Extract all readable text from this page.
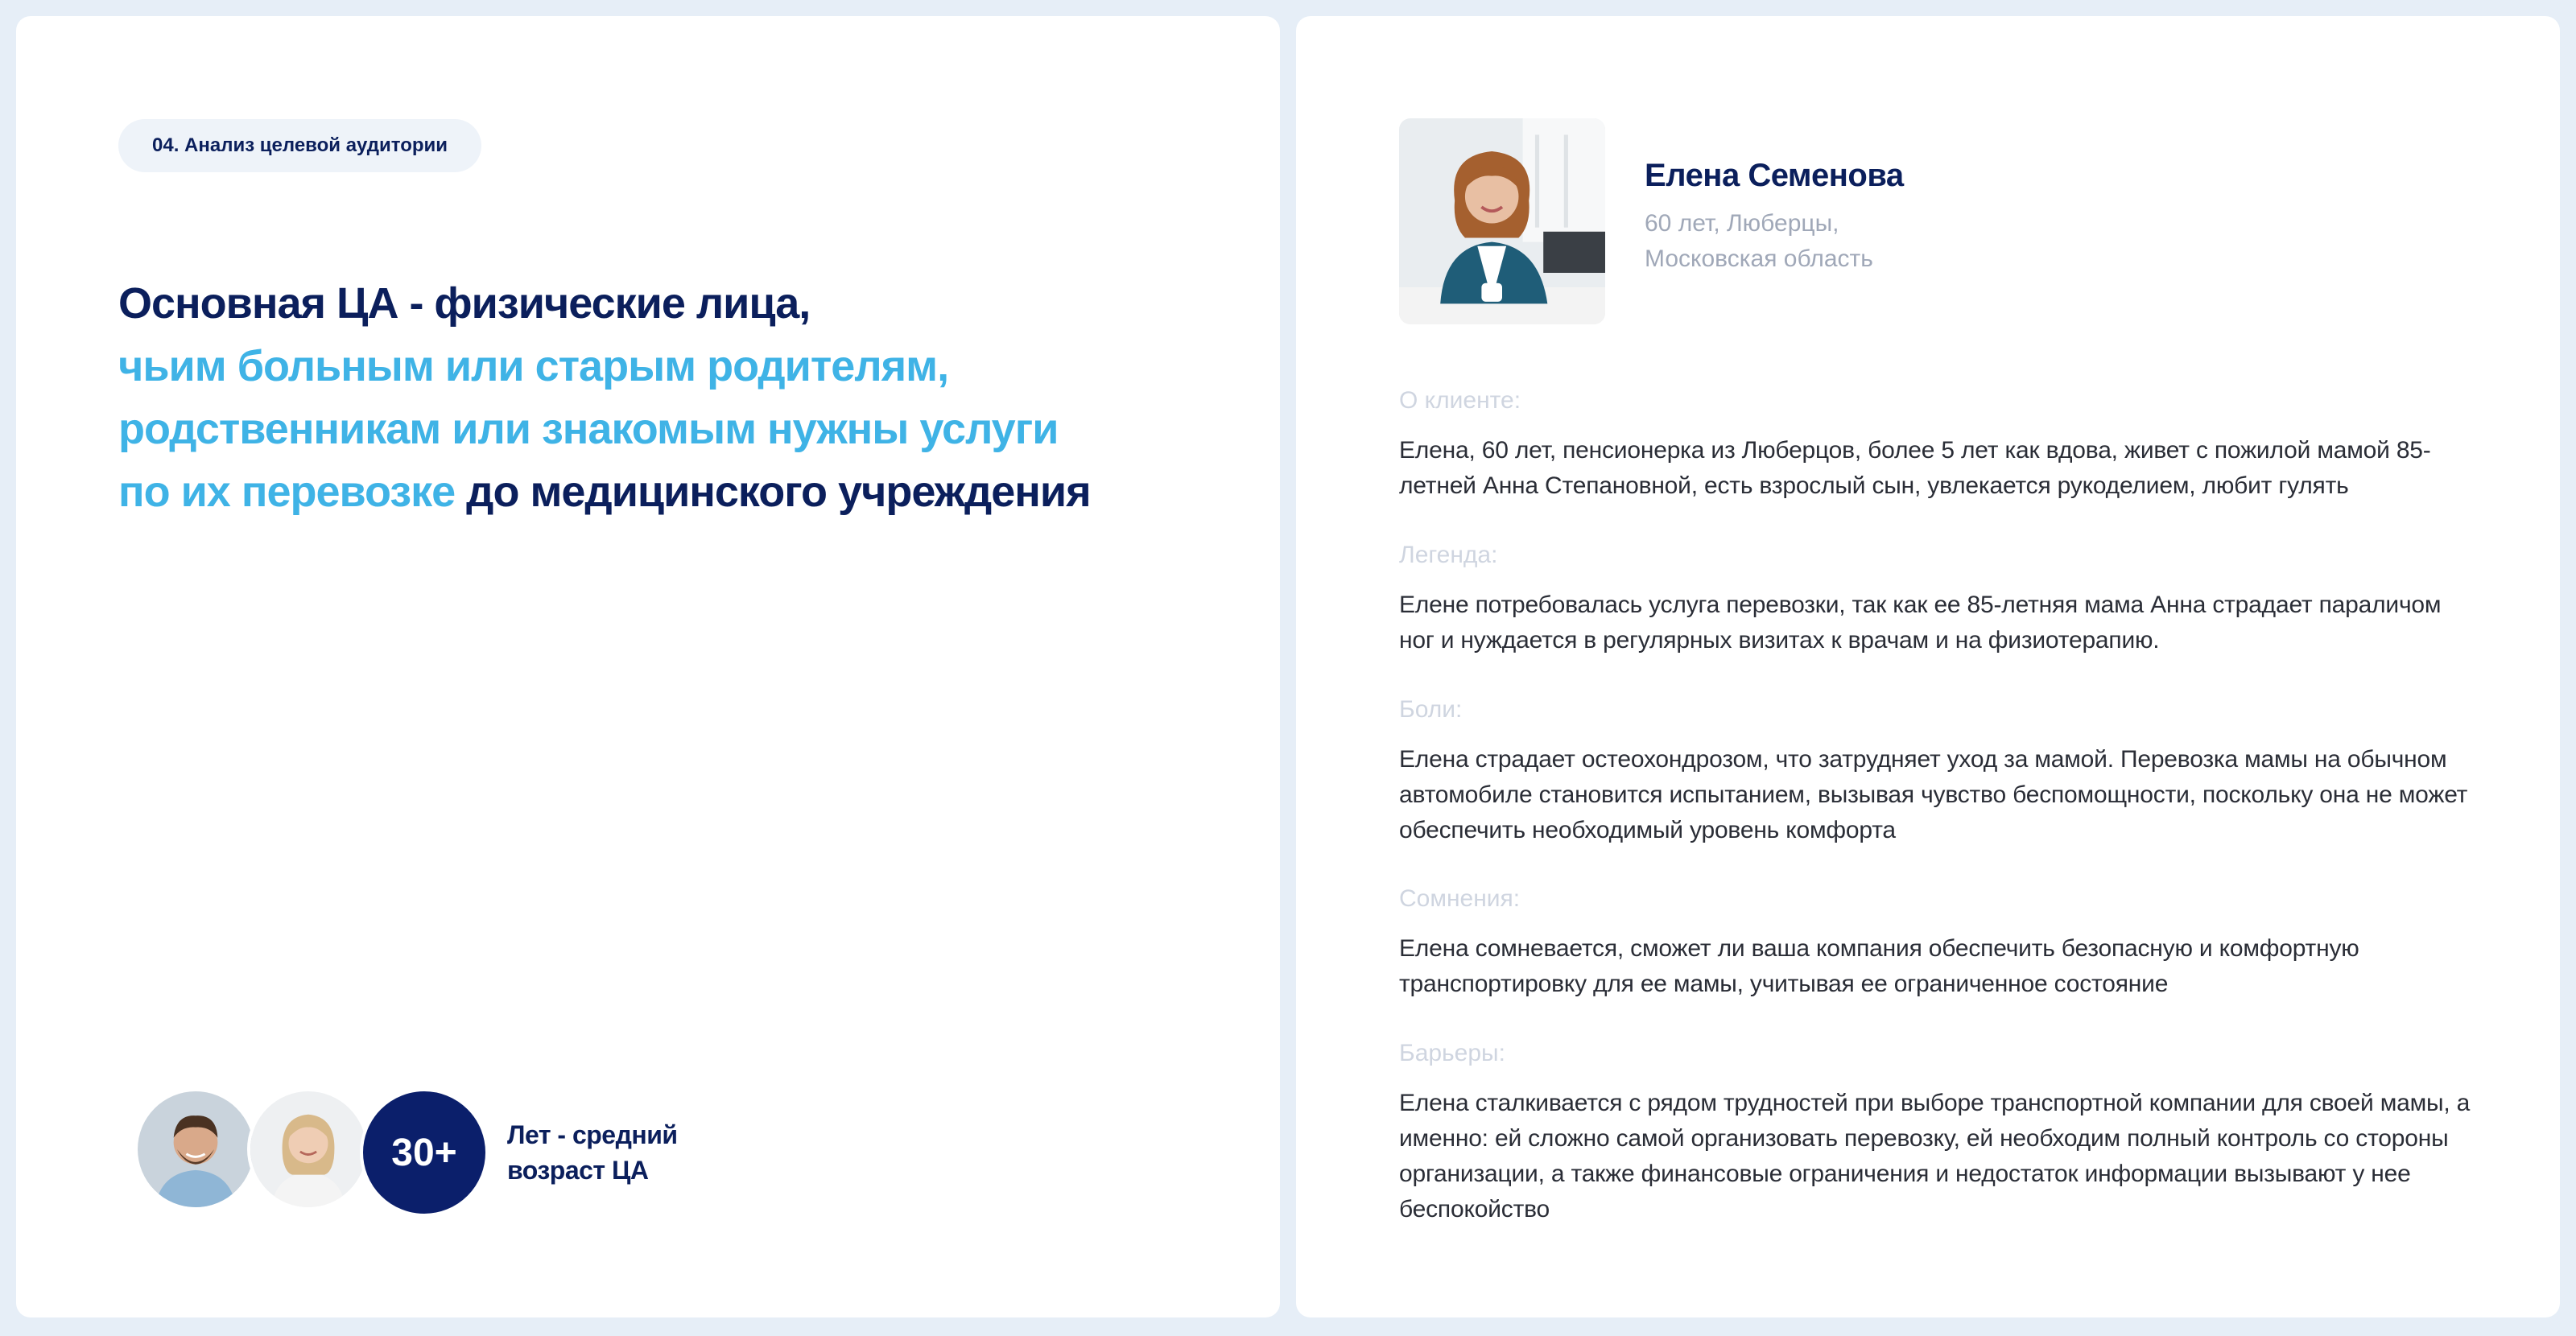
04. Анализ целевой аудитории
Основная ЦА - физические лица,
чьим больным или старым родителям,
родственникам или знакомым нужны услуги
по их перевозке до медицинского учреждения
30+	Лет - средний
возраст ЦА
Елена Семенова
60 лет, Люберцы,
Московская область

О клиенте:

Елена, 60 лет, пенсионерка из Люберцов, более 5 лет как вдова, живет с пожилой мамой 85-летней Анна Степановной, есть взрослый сын, увлекается рукоделием, любит гулять

Легенда:

Елене потребовалась услуга перевозки, так как ее 85-летняя мама Анна страдает параличом ног и нуждается в регулярных визитах к врачам и на физиотерапию.

Боли:

Елена страдает остеохондрозом, что затрудняет уход за мамой. Перевозка мамы на обычном автомобиле становится испытанием, вызывая чувство беспомощности, поскольку она не может обеспечить необходимый уровень комфорта

Сомнения:

Елена сомневается, сможет ли ваша компания обеспечить безопасную и комфортную транспортировку для ее мамы, учитывая ее ограниченное состояние

Барьеры:

Елена сталкивается с рядом трудностей при выборе транспортной компании для своей мамы, а именно: ей сложно самой организовать перевозку, ей необходим полный контроль со стороны организации, а также финансовые ограничения и недостаток информации вызывают у нее беспокойство
